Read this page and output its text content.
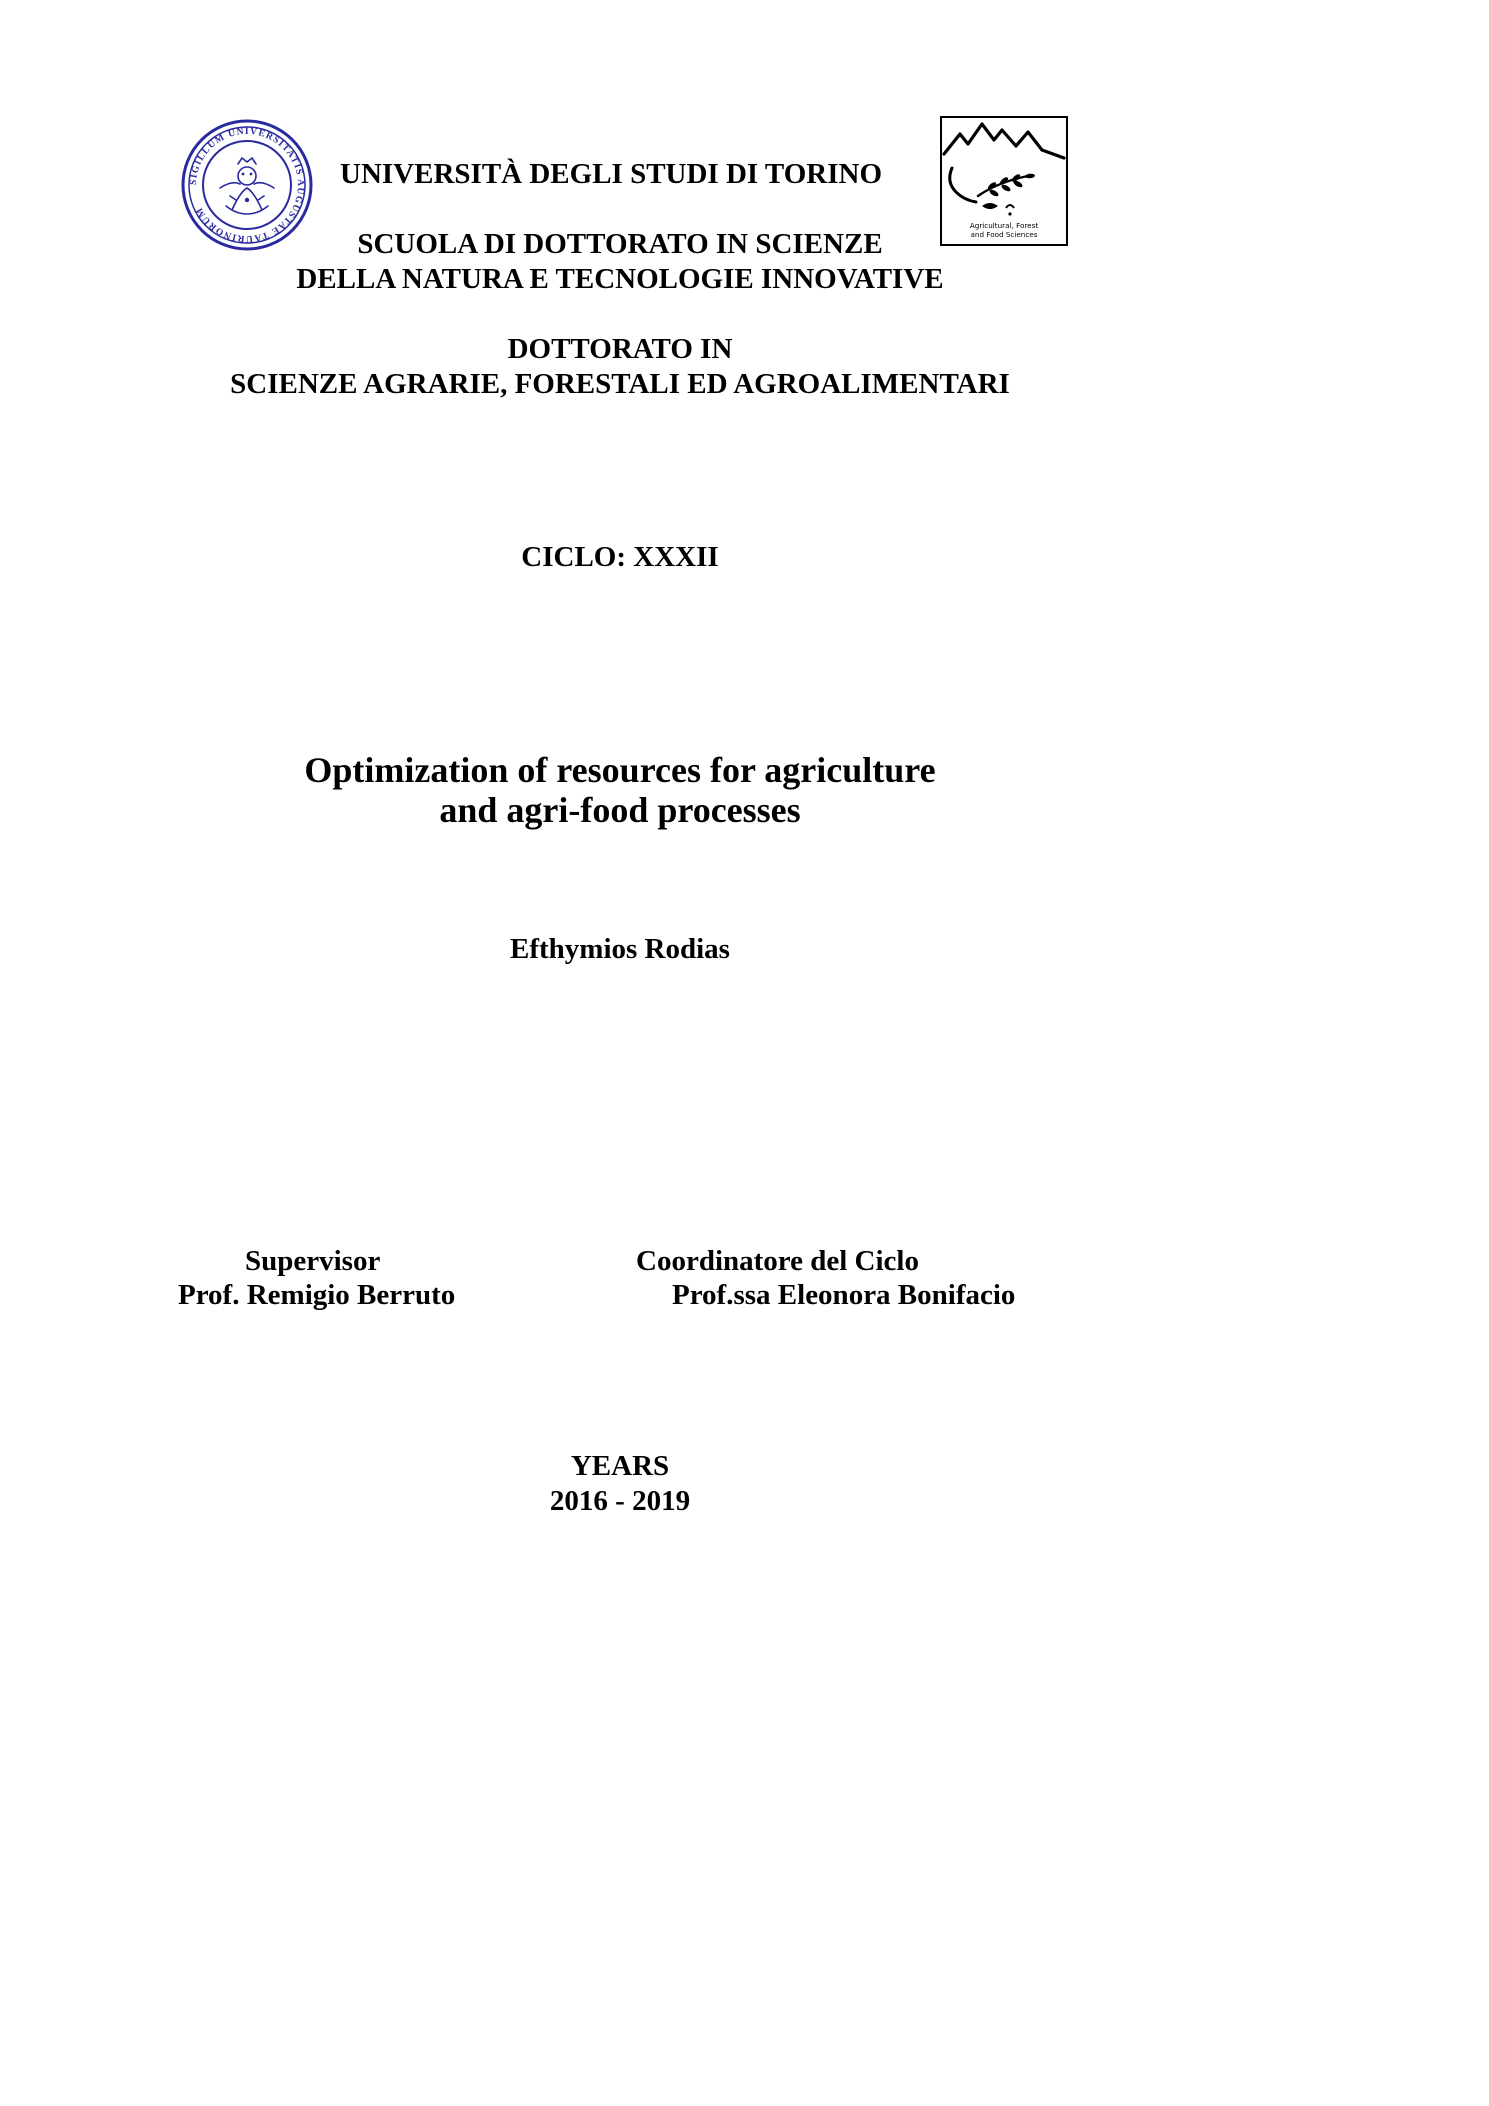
SIGILLUM UNIVERSITATIS AUGUSTAE TAURINORUM
Agricultural, Forest
and Food Sciences
UNIVERSITÀ DEGLI STUDI DI TORINO
SCUOLA DI DOTTORATO IN SCIENZE
DELLA NATURA E TECNOLOGIE INNOVATIVE
DOTTORATO IN
SCIENZE AGRARIE, FORESTALI ED AGROALIMENTARI
CICLO: XXXII
Optimization of resources for agriculture
and agri-food processes
Efthymios Rodias
Supervisor
Prof. Remigio Berruto
Coordinatore del Ciclo
Prof.ssa Eleonora Bonifacio
YEARS
2016 - 2019
